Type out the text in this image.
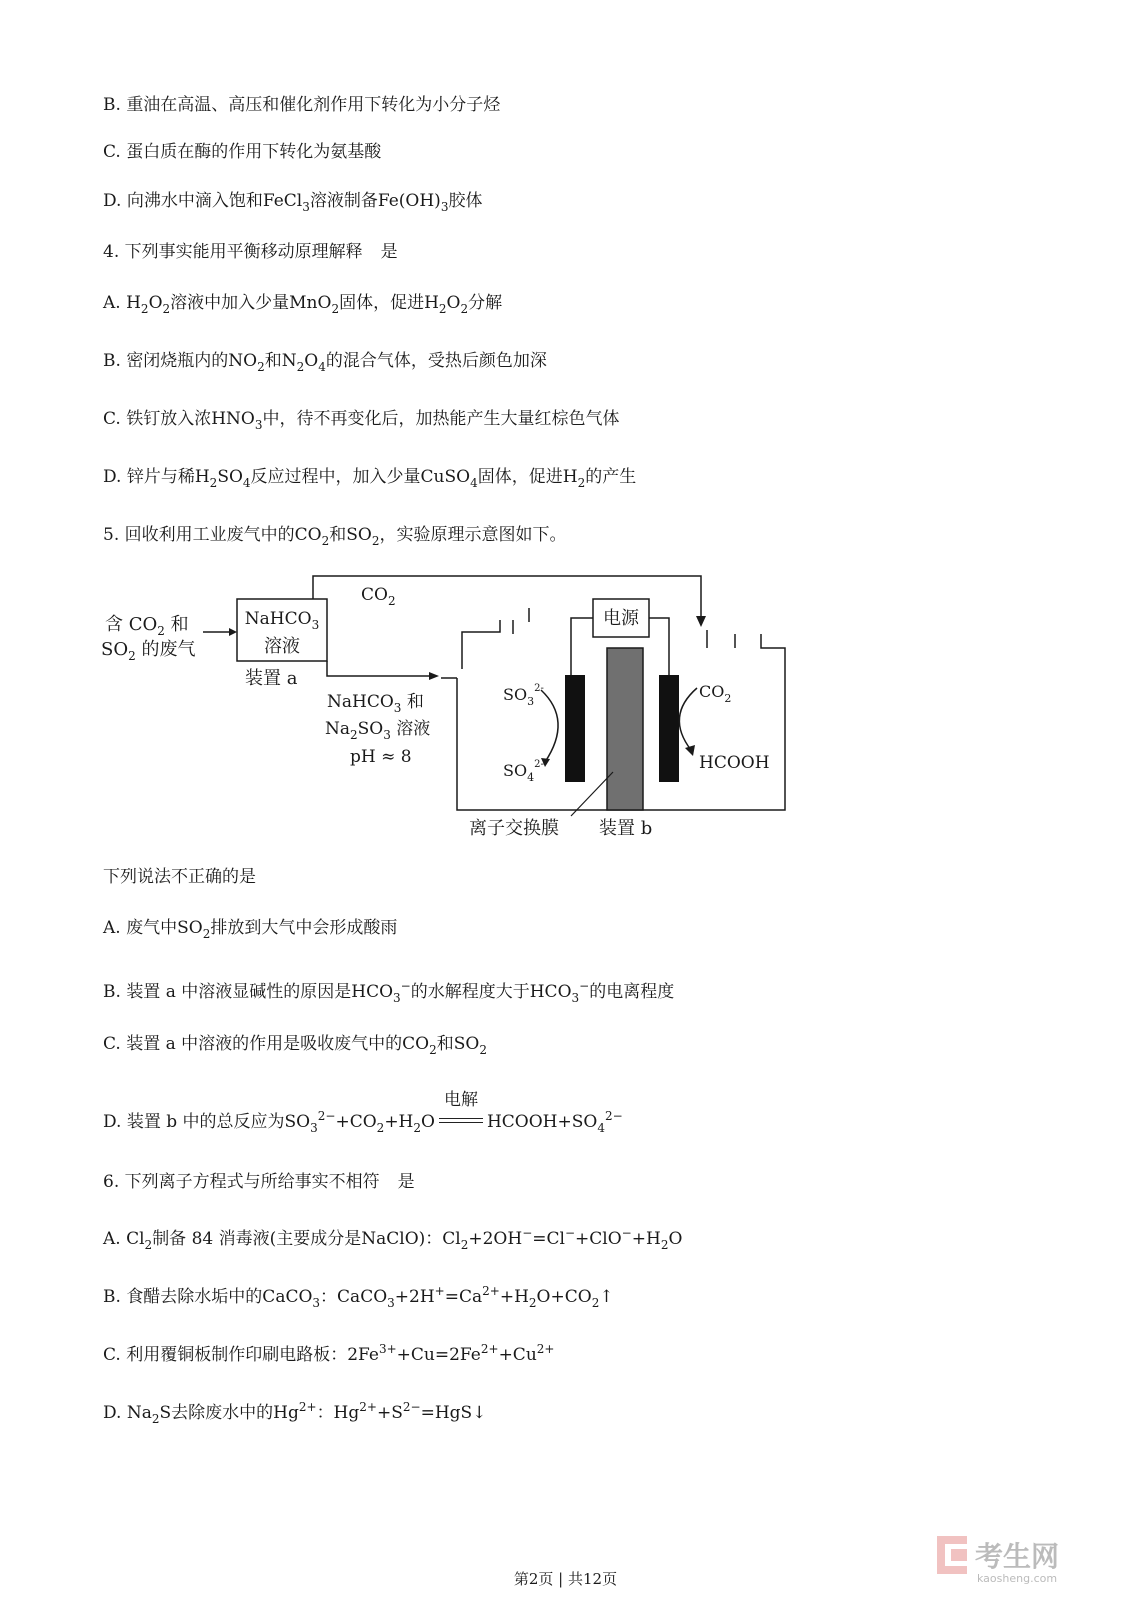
B. 重油在高温、高压和催化剂作用下转化为小分子烃
C. 蛋白质在酶的作用下转化为氨基酸
D. 向沸水中滴入饱和FeCl$_3$溶液制备$Fe(OH)_3$胶体
4. 下列事实能用平衡移动原理解释 是
A. $H_2O_2$溶液中加入少量MnO$_2$固体，促进$H_2O_2$分解
B. 密闭烧瓶内的$NO_2$和$N_2O_4$的混合气体，受热后颜色加深
C. 铁钉放入浓$HNO_3$中，待不再变化后，加热能产生大量红棕色气体
D. 锌片与稀$H_2SO_4$反应过程中，加入少量CuSO$_4$固体，促进$H_2$的产生
5. 回收利用工业废气中的$CO_2$和$SO_2$，实验原理示意图如下。
含 $CO_2$ 和
$SO_2$ 的废气
NaHCO$_3$
溶液
装置 a
$CO_2$
NaHCO$_3$ 和
$Na_2SO_3$ 溶液
pH ≈ 8
电源
$SO_3^{2-}$
$SO_4^{2-}$
$CO_2$
HCOOH
离子交换膜 装置 b
下列说法不正确的是
A. 废气中$SO_2$排放到大气中会形成酸雨
B. 装置 a 中溶液显碱性的原因是$HCO_3^-$的水解程度大于$HCO_3^-$的电离程度
C. 装置 a 中溶液的作用是吸收废气中的$CO_2$和$SO_2$
D. 装置 b 中的总反应为$SO_3^{2-}+CO_2+H_2O$
电解
$HCOOH+SO_4^{2-}$
6. 下列离子方程式与所给事实不相符 是
A. $Cl_2$制备 84 消毒液(主要成分是NaClO)：$Cl_2+2OH^-=Cl^-+ClO^-+H_2O$
B. 食醋去除水垢中的CaCO$_3$：$CaCO_3+2H^+=Ca^{2+}+H_2O+CO_2↑$
C. 利用覆铜板制作印刷电路板：$2Fe^{3+}+Cu=2Fe^{2+}+Cu^{2+}$
D. $Na_2S$去除废水中的$Hg^{2+}$：$Hg^{2+}+S^{2-}=HgS↓$
考生网
kaosheng.com
第2页 | 共12页
